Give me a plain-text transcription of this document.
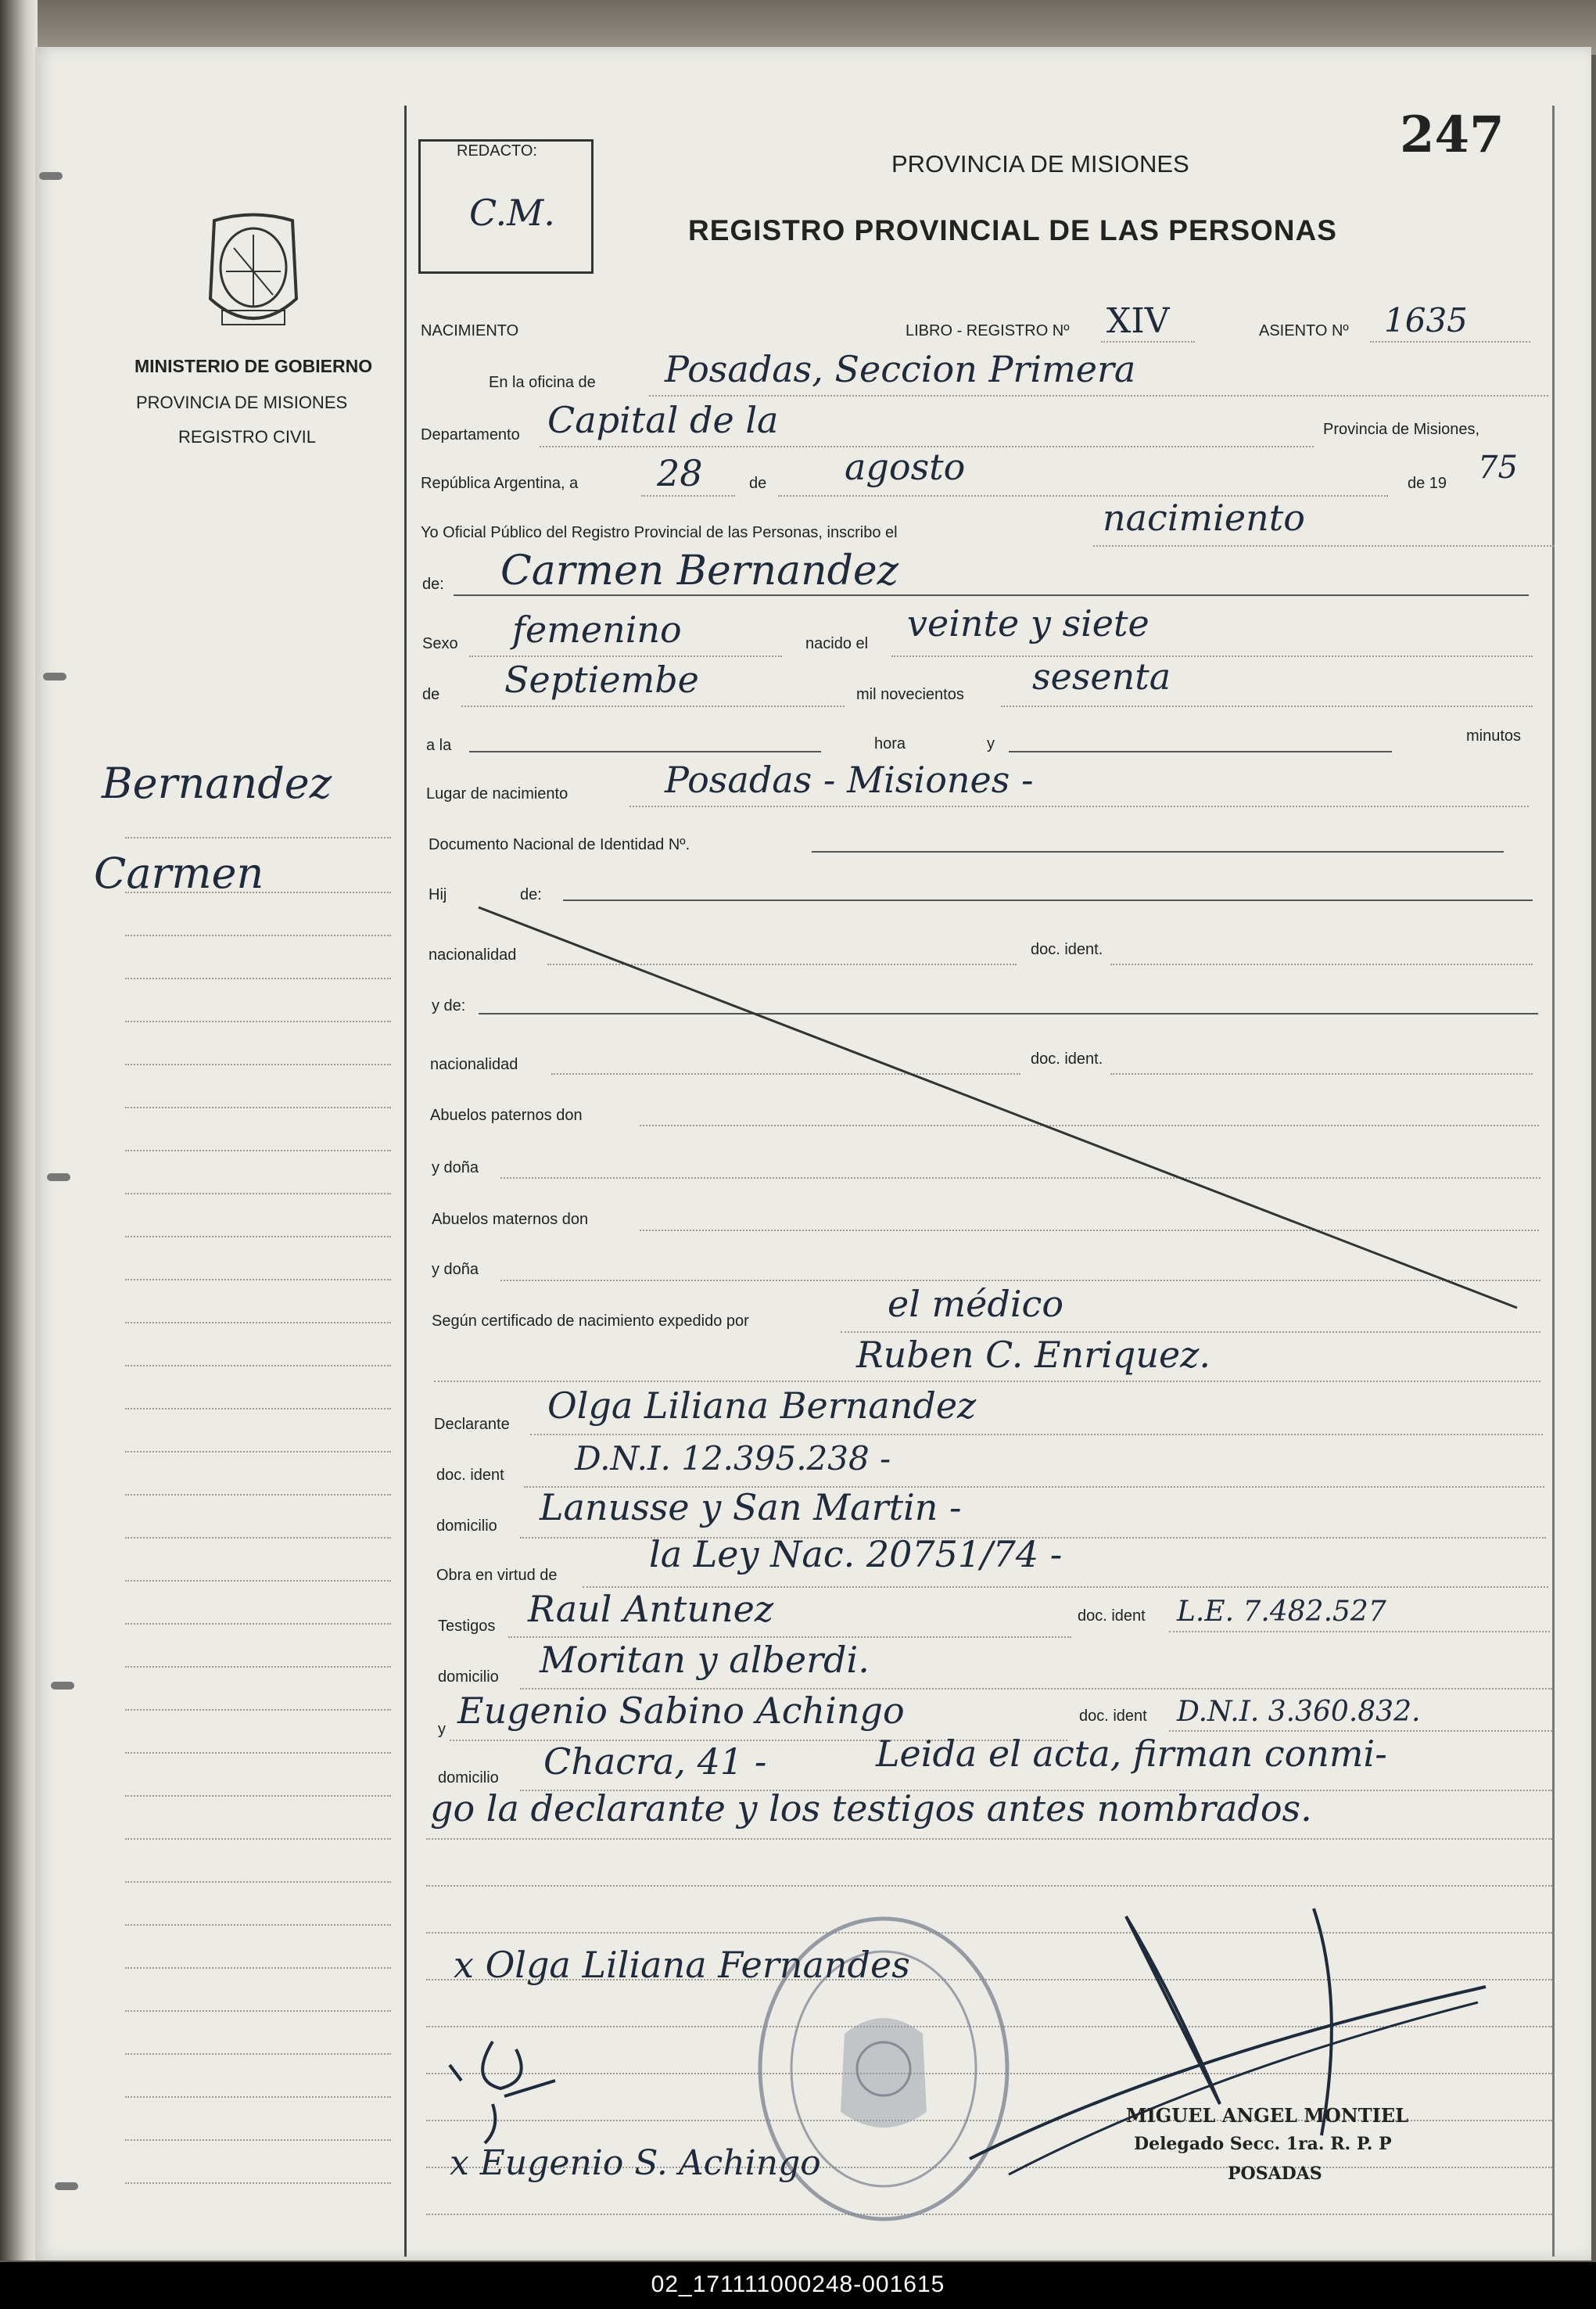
247
MINISTERIO DE GOBIERNO
PROVINCIA DE MISIONES
REGISTRO CIVIL
Bernandez
Carmen
REDACTO:
C.M.
PROVINCIA DE MISIONES
REGISTRO PROVINCIAL DE LAS PERSONAS
NACIMIENTO	LIBRO - REGISTRO Nº XIV	ASIENTO Nº 1635
En la oficina de Posadas, Seccion Primera
Departamento Capital de la	Provincia de Misiones,
República Argentina, a 28	de agosto	de 19 75
Yo Oficial Público del Registro Provincial de las Personas, inscribo el	nacimiento
de: Carmen Bernandez
Sexo femenino	nacido el veinte y siete
de Septiembe	mil novecientos sesenta
a la	hora	y	minutos
Lugar de nacimiento	Posadas - Misiones -
Documento Nacional de Identidad Nº.
Hij	de:
nacionalidad	doc. ident.
y de:
nacionalidad	doc. ident.
Abuelos paternos don
y doña
Abuelos maternos don
y doña
Según certificado de nacimiento expedido por	el médico
Ruben C. Enriquez.
Declarante Olga Liliana Bernandez
doc. ident D.N.I. 12.395.238 -
domicilio Lanusse y San Martin -
Obra en virtud de	la Ley Nac. 20751/74 -
Testigos Raul Antunez	doc. ident L.E. 7.482.527
domicilio Moritan y alberdi.
y Eugenio Sabino Achingo	doc. ident D.N.I. 3.360.832.
domicilio Chacra, 41 -	Leida el acta, firman conmi-
go la declarante y los testigos antes nombrados.
x Olga Liliana Fernandes
x Eugenio S. Achingo
MIGUEL ANGEL MONTIEL
Delegado Secc. 1ra. R. P. P
POSADAS
02_171111000248-001615
